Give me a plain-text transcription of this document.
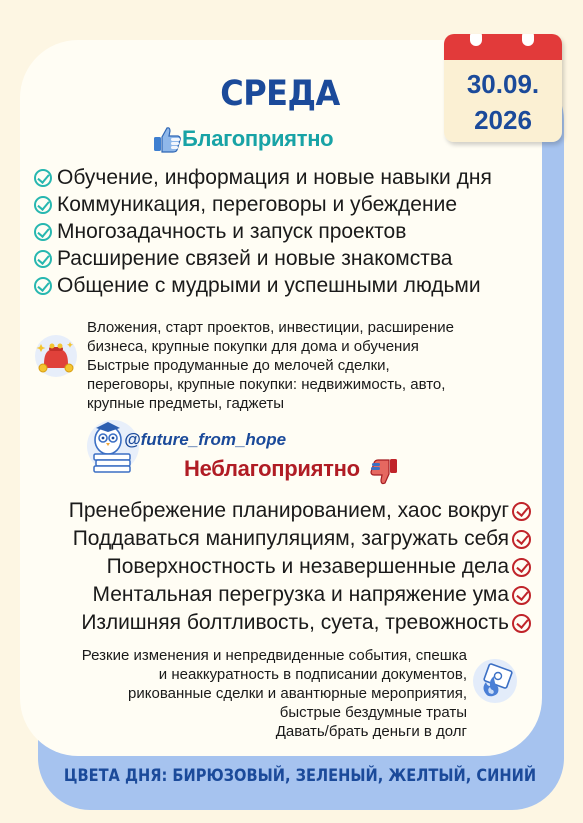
СРЕДА	30.09.
2026
Благоприятно
Обучение, информация и новые навыки дня
Коммуникация, переговоры и убеждение
Многозадачность и запуск проектов
Расширение связей и новые знакомства
Общение с мудрыми и успешными людьми
Вложения, старт проектов, инвестиции, расширение
бизнеса, крупные покупки для дома и обучения
Быстрые продуманные до мелочей сделки,
переговоры, крупные покупки: недвижимость, авто,
крупные предметы, гаджеты
@future_from_hope
Неблагоприятно
Пренебрежение планированием, хаос вокруг
Поддаваться манипуляциям, загружать себя
Поверхностность и незавершенные дела
Ментальная перегрузка и напряжение ума
Излишняя болтливость, суета, тревожность
Резкие изменения и непредвиденные события, спешка
и неаккуратность в подписании документов,
рикованные сделки и авантюрные мероприятия,
быстрые бездумные траты
Давать/брать деньги в долг
ЦВЕТА ДНЯ: БИРЮЗОВЫЙ, ЗЕЛЕНЫЙ, ЖЕЛТЫЙ, СИНИЙ
